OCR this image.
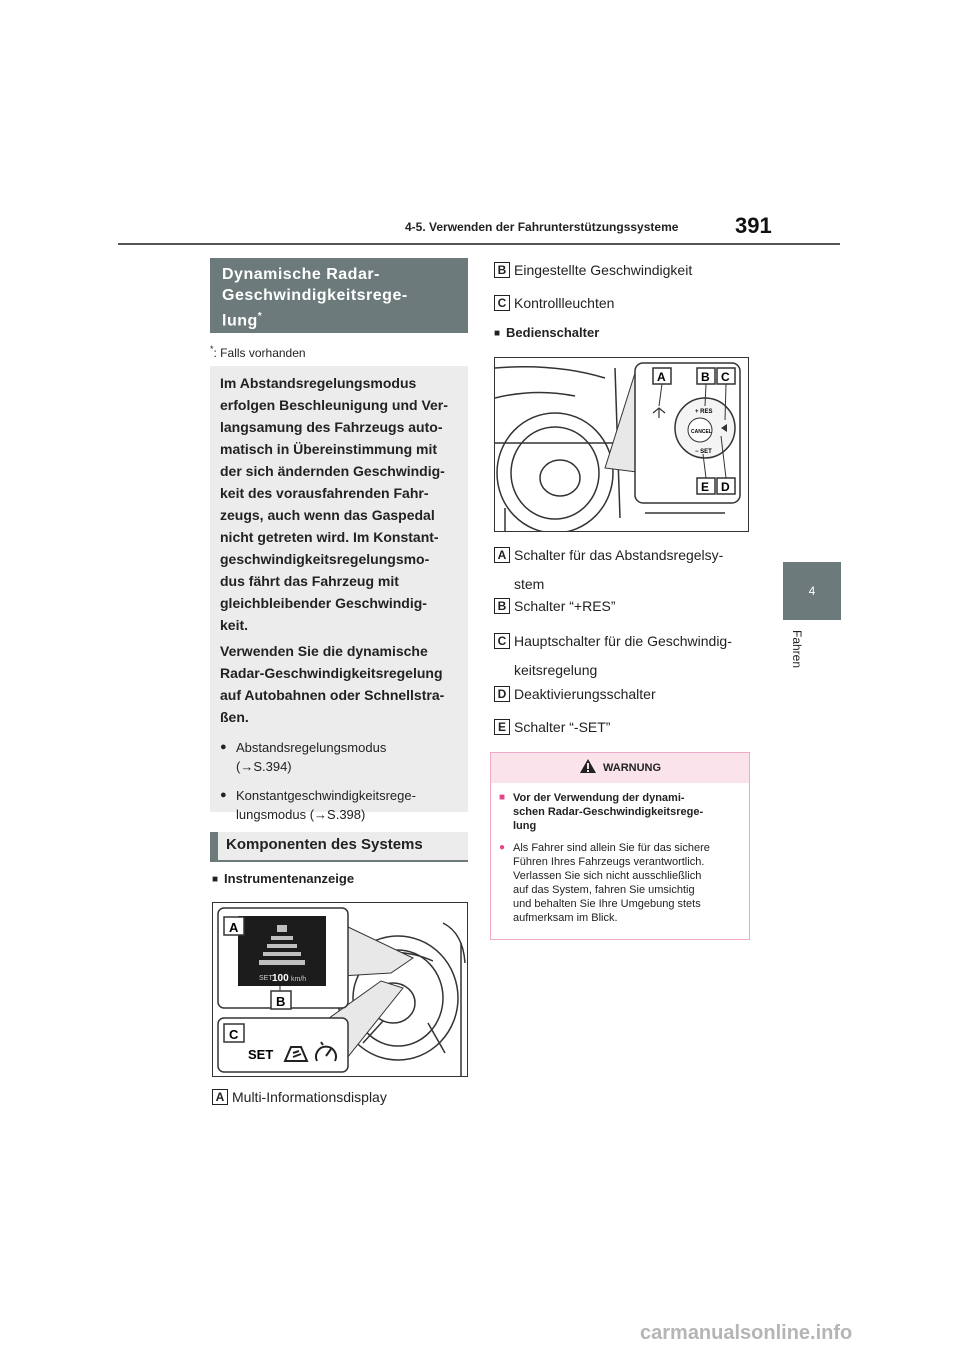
4-5. Verwenden der Fahrunterstützungssysteme	391
4
Fahren
Dynamische Radar-
Geschwindigkeitsrege-
lung*
*: Falls vorhanden

Im Abstandsregelungsmodus
erfolgen Beschleunigung und Ver-
langsamung des Fahrzeugs auto-
matisch in Übereinstimmung mit
der sich ändernden Geschwindig-
keit des vorausfahrenden Fahr-
zeugs, auch wenn das Gaspedal
nicht getreten wird. Im Konstant-
geschwindigkeitsregelungsmo-
dus fährt das Fahrzeug mit
gleichbleibender Geschwindig-
keit.

Verwenden Sie die dynamische
Radar-Geschwindigkeitsregelung
auf Autobahnen oder Schnellstra-
ßen.

● Abstandsregelungsmodus
(→S.394)
● Konstantgeschwindigkeitsrege-
lungsmodus (→S.398)
Komponenten des Systems
■ Instrumentenanzeige
SET 100 km/h
A
B
C
SET
A Multi-Informationsdisplay
B Eingestellte Geschwindigkeit
C Kontrollleuchten
■ Bedienschalter
CANCEL
+ RES
− SET
A	B C
E D
A Schalter für das Abstandsregelsy-
stem
B Schalter “+RES”
C Hauptschalter für die Geschwindig-
keitsregelung
D Deaktivierungsschalter
E Schalter “-SET”
WARNUNG
■ Vor der Verwendung der dynami-
schen Radar-Geschwindigkeitsrege-
lung
● Als Fahrer sind allein Sie für das sichere
Führen Ihres Fahrzeugs verantwortlich.
Verlassen Sie sich nicht ausschließlich
auf das System, fahren Sie umsichtig
und behalten Sie Ihre Umgebung stets
aufmerksam im Blick.
carmanualsonline.info
